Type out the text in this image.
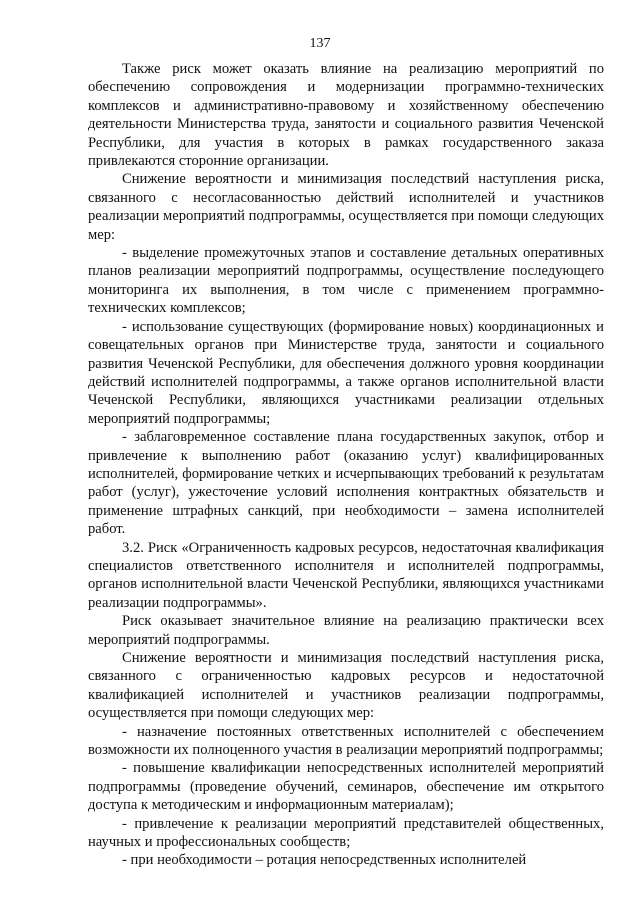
137

Также риск может оказать влияние на реализацию мероприятий по обеспечению сопровождения и модернизации программно-технических комплексов и административно-правовому и хозяйственному обеспечению деятельности Министерства труда, занятости и социального развития Чеченской Республики, для участия в которых в рамках государственного заказа привлекаются сторонние организации.

Снижение вероятности и минимизация последствий наступления риска, связанного с несогласованностью действий исполнителей и участников реализации мероприятий подпрограммы, осуществляется при помощи следующих мер:

- выделение промежуточных этапов и составление детальных оперативных планов реализации мероприятий подпрограммы, осуществление последующего мониторинга их выполнения, в том числе с применением программно-технических комплексов;

- использование существующих (формирование новых) координационных и совещательных органов при Министерстве труда, занятости и социального развития Чеченской Республики, для обеспечения должного уровня координации действий исполнителей подпрограммы, а также органов исполнительной власти Чеченской Республики, являющихся участниками реализации отдельных мероприятий подпрограммы;

- заблаговременное составление плана государственных закупок, отбор и привлечение к выполнению работ (оказанию услуг) квалифицированных исполнителей, формирование четких и исчерпывающих требований к результатам работ (услуг), ужесточение условий исполнения контрактных обязательств и применение штрафных санкций, при необходимости – замена исполнителей работ.

3.2. Риск «Ограниченность кадровых ресурсов, недостаточная квалификация специалистов ответственного исполнителя и исполнителей подпрограммы, органов исполнительной власти Чеченской Республики, являющихся участниками реализации подпрограммы».

Риск оказывает значительное влияние на реализацию практически всех мероприятий подпрограммы.

Снижение вероятности и минимизация последствий наступления риска, связанного с ограниченностью кадровых ресурсов и недостаточной квалификацией исполнителей и участников реализации подпрограммы, осуществляется при помощи следующих мер:

- назначение постоянных ответственных исполнителей с обеспечением возможности их полноценного участия в реализации мероприятий подпрограммы;

- повышение квалификации непосредственных исполнителей мероприятий подпрограммы (проведение обучений, семинаров, обеспечение им открытого доступа к методическим и информационным материалам);

- привлечение к реализации мероприятий представителей общественных, научных и профессиональных сообществ;

- при необходимости – ротация непосредственных исполнителей
